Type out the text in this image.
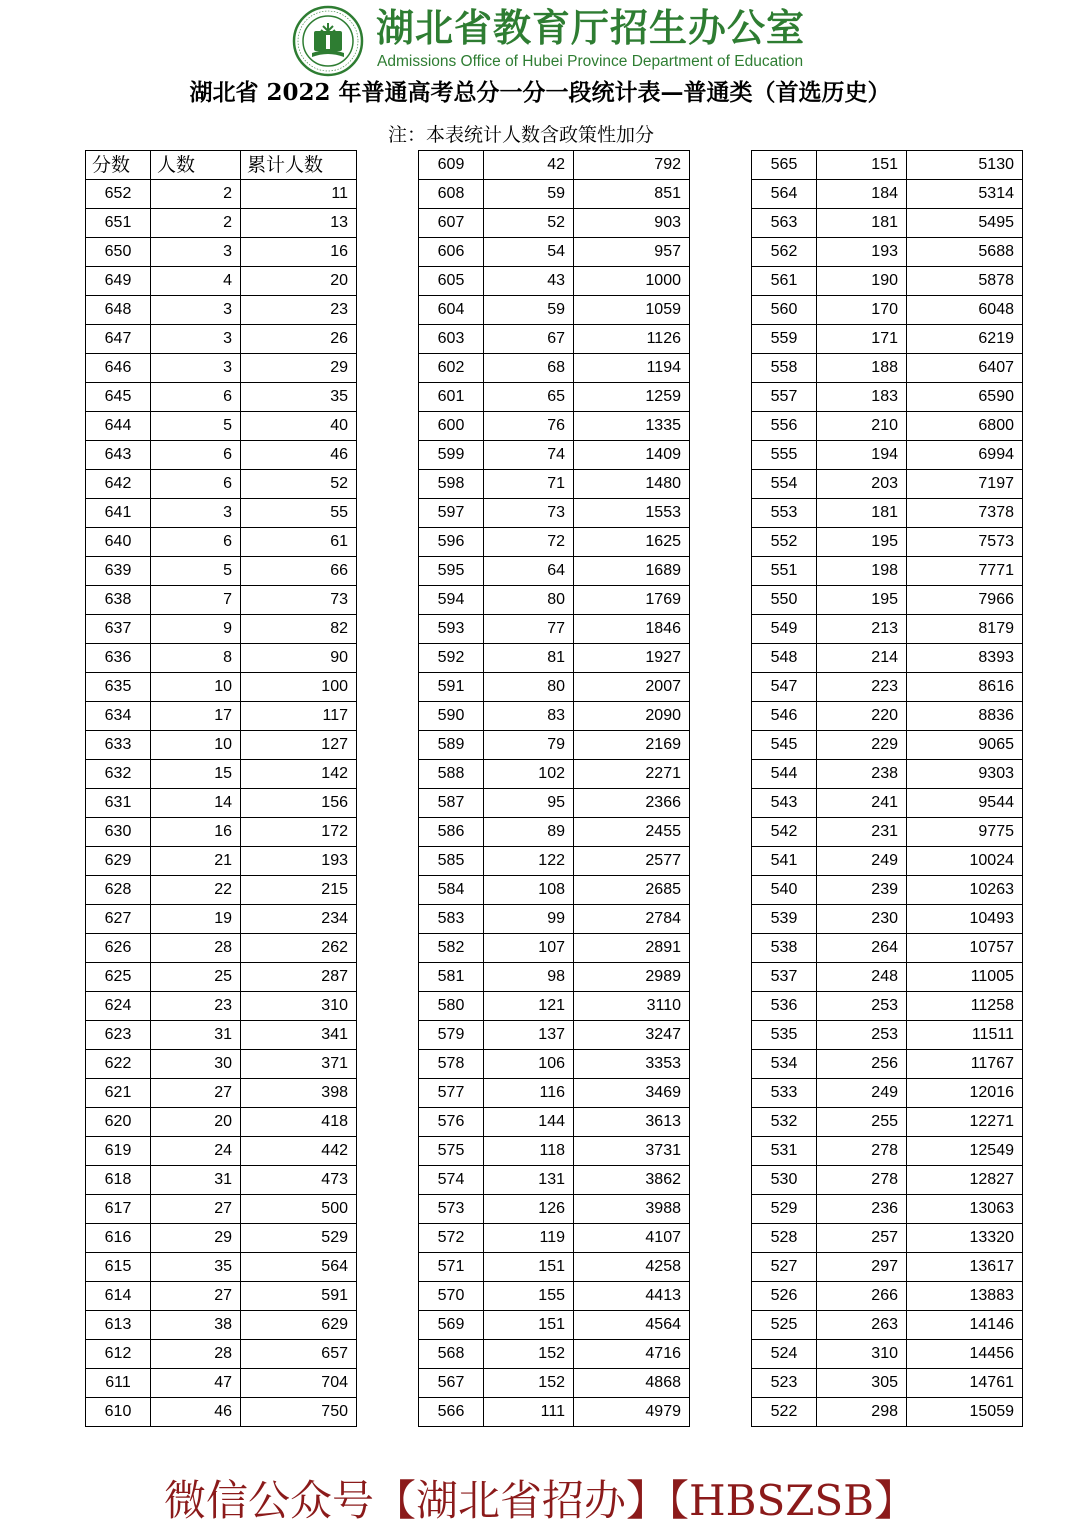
湖北省教育厅招生办公室
Admissions Office of Hubei Province Department of Education
湖北省 2022 年普通高考总分一分一段统计表—普通类（首选历史）
注：本表统计人数含政策性加分
分数	人数	累计人数
652	2	11
651	2	13
650	3	16
649	4	20
648	3	23
647	3	26
646	3	29
645	6	35
644	5	40
643	6	46
642	6	52
641	3	55
640	6	61
639	5	66
638	7	73
637	9	82
636	8	90
635	10	100
634	17	117
633	10	127
632	15	142
631	14	156
630	16	172
629	21	193
628	22	215
627	19	234
626	28	262
625	25	287
624	23	310
623	31	341
622	30	371
621	27	398
620	20	418
619	24	442
618	31	473
617	27	500
616	29	529
615	35	564
614	27	591
613	38	629
612	28	657
611	47	704
610	46	750
609	42	792
608	59	851
607	52	903
606	54	957
605	43	1000
604	59	1059
603	67	1126
602	68	1194
601	65	1259
600	76	1335
599	74	1409
598	71	1480
597	73	1553
596	72	1625
595	64	1689
594	80	1769
593	77	1846
592	81	1927
591	80	2007
590	83	2090
589	79	2169
588	102	2271
587	95	2366
586	89	2455
585	122	2577
584	108	2685
583	99	2784
582	107	2891
581	98	2989
580	121	3110
579	137	3247
578	106	3353
577	116	3469
576	144	3613
575	118	3731
574	131	3862
573	126	3988
572	119	4107
571	151	4258
570	155	4413
569	151	4564
568	152	4716
567	152	4868
566	111	4979
565	151	5130
564	184	5314
563	181	5495
562	193	5688
561	190	5878
560	170	6048
559	171	6219
558	188	6407
557	183	6590
556	210	6800
555	194	6994
554	203	7197
553	181	7378
552	195	7573
551	198	7771
550	195	7966
549	213	8179
548	214	8393
547	223	8616
546	220	8836
545	229	9065
544	238	9303
543	241	9544
542	231	9775
541	249	10024
540	239	10263
539	230	10493
538	264	10757
537	248	11005
536	253	11258
535	253	11511
534	256	11767
533	249	12016
532	255	12271
531	278	12549
530	278	12827
529	236	13063
528	257	13320
527	297	13617
526	266	13883
525	263	14146
524	310	14456
523	305	14761
522	298	15059
微信公众号【湖北省招办】【HBSZSB】
